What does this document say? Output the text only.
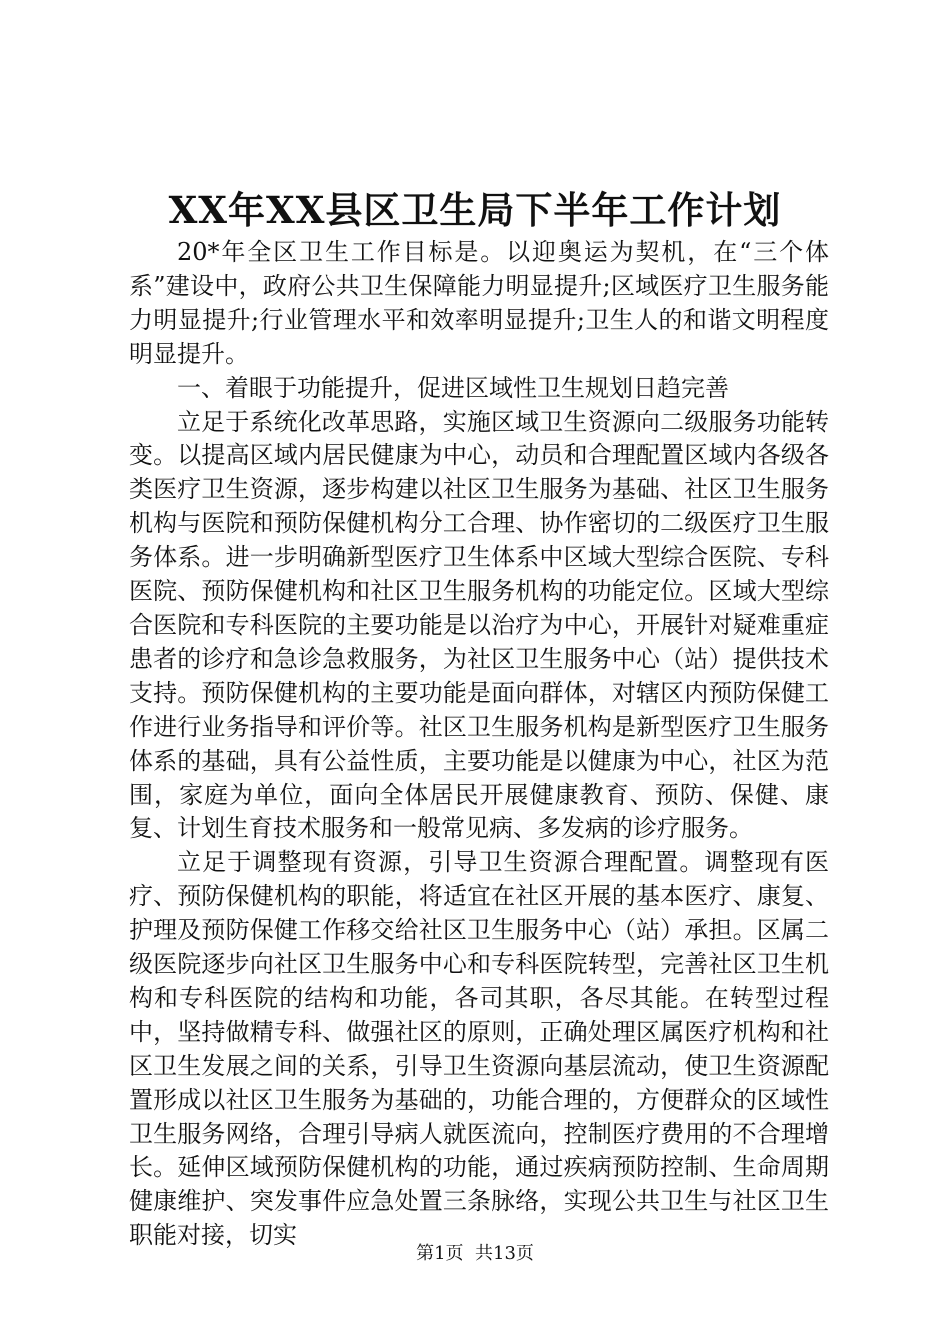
XX年XX县区卫生局下半年工作计划

20*年全区卫生工作目标是。以迎奥运为契机，在“三个体系”建设中，政府公共卫生保障能力明显提升;区域医疗卫生服务能力明显提升;行业管理水平和效率明显提升;卫生人的和谐文明程度明显提升。

一、着眼于功能提升，促进区域性卫生规划日趋完善

立足于系统化改革思路，实施区域卫生资源向二级服务功能转变。以提高区域内居民健康为中心，动员和合理配置区域内各级各类医疗卫生资源，逐步构建以社区卫生服务为基础、社区卫生服务机构与医院和预防保健机构分工合理、协作密切的二级医疗卫生服务体系。进一步明确新型医疗卫生体系中区域大型综合医院、专科医院、预防保健机构和社区卫生服务机构的功能定位。区域大型综合医院和专科医院的主要功能是以治疗为中心，开展针对疑难重症患者的诊疗和急诊急救服务，为社区卫生服务中心（站）提供技术支持。预防保健机构的主要功能是面向群体，对辖区内预防保健工作进行业务指导和评价等。社区卫生服务机构是新型医疗卫生服务体系的基础，具有公益性质，主要功能是以健康为中心，社区为范围，家庭为单位，面向全体居民开展健康教育、预防、保健、康复、计划生育技术服务和一般常见病、多发病的诊疗服务。

立足于调整现有资源，引导卫生资源合理配置。调整现有医疗、预防保健机构的职能，将适宜在社区开展的基本医疗、康复、护理及预防保健工作移交给社区卫生服务中心（站）承担。区属二级医院逐步向社区卫生服务中心和专科医院转型，完善社区卫生机构和专科医院的结构和功能，各司其职，各尽其能。在转型过程中，坚持做精专科、做强社区的原则，正确处理区属医疗机构和社区卫生发展之间的关系，引导卫生资源向基层流动，使卫生资源配置形成以社区卫生服务为基础的，功能合理的，方便群众的区域性卫生服务网络，合理引导病人就医流向，控制医疗费用的不合理增长。延伸区域预防保健机构的功能，通过疾病预防控制、生命周期健康维护、突发事件应急处置三条脉络，实现公共卫生与社区卫生职能对接，切实

第1页 共13页
